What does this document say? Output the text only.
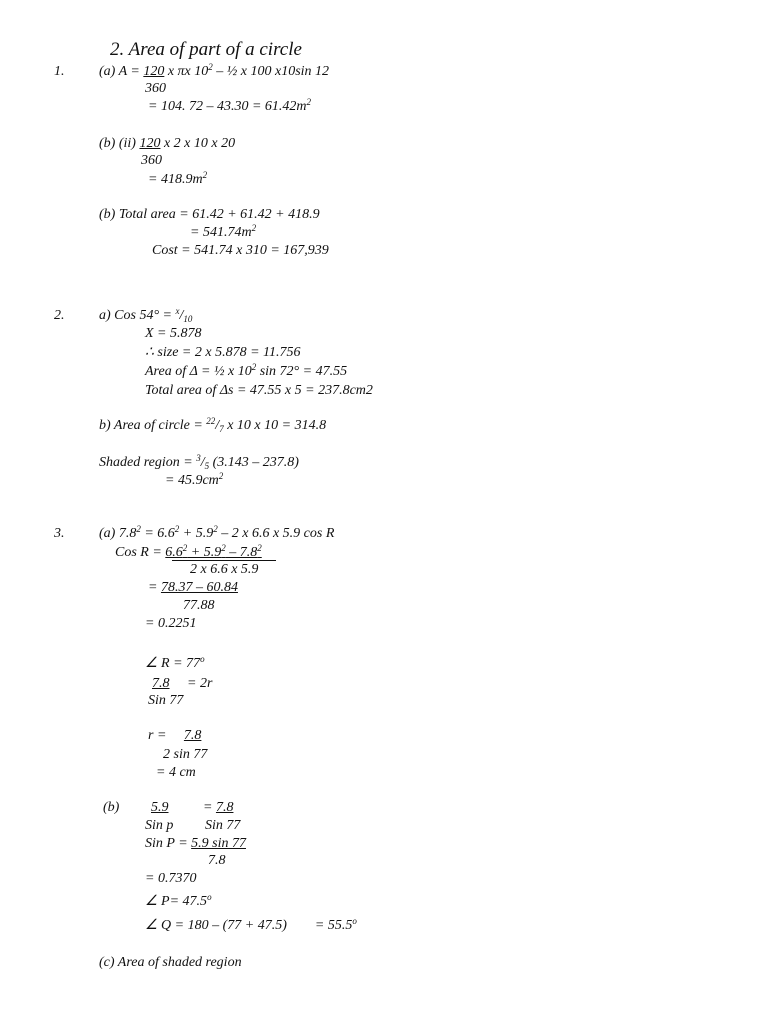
2. Area of part of a circle
1. (a) A = 120 x πx $10^2$ – ½ x 100 x10sin 12
360
= 104. $72 - 43.30 = 61.42m^2$
(b) (ii) 120 x 2 x 10 x 20
360
= $418.9m^2$
(b) Total area = 61.42 + 61.42 + 418.9
= $541.74m^2$
Cost = 541.74 x 310 = 167,939
2. a) Cos $54^\circ = ^x/_{10}$
X = 5.878
∴ size = 2 x 5.878 = 11.756
Area of Δ = ½ x $10^2$ sin 72° = 47.55
Total area of Δs = 47.55 x 5 = 237.8cm2
b) Area of circle = $^{22}/_7$ x 10 x 10 = 314.8
Shaded region = $^3/_5$ (3.143 – 237.8)
= $45.9cm^2$
3. (a) $7.8^2 = 6.6^2 + 5.9^2 - 2$ x 6.6 x 5.9 cos R
Cos $R = 6.6^2 + 5.9^2 - 7.8^2$
2 x 6.6 x 5.9
= 78.37 – 60.84
77.88
= 0.2251
∠ $R = 77^o$
7.8     = 2r
Sin 77
r =     7.8
2 sin 77
= 4 cm
(b) 5.9 = 7.8
Sin p Sin 77
Sin P = 5.9 sin 77
7.8
= 0.7370
∠ $P= 47.5^o$
∠ Q = 180 – (77 + 47.5)        = $55.5^o$
(c) Area of shaded region
